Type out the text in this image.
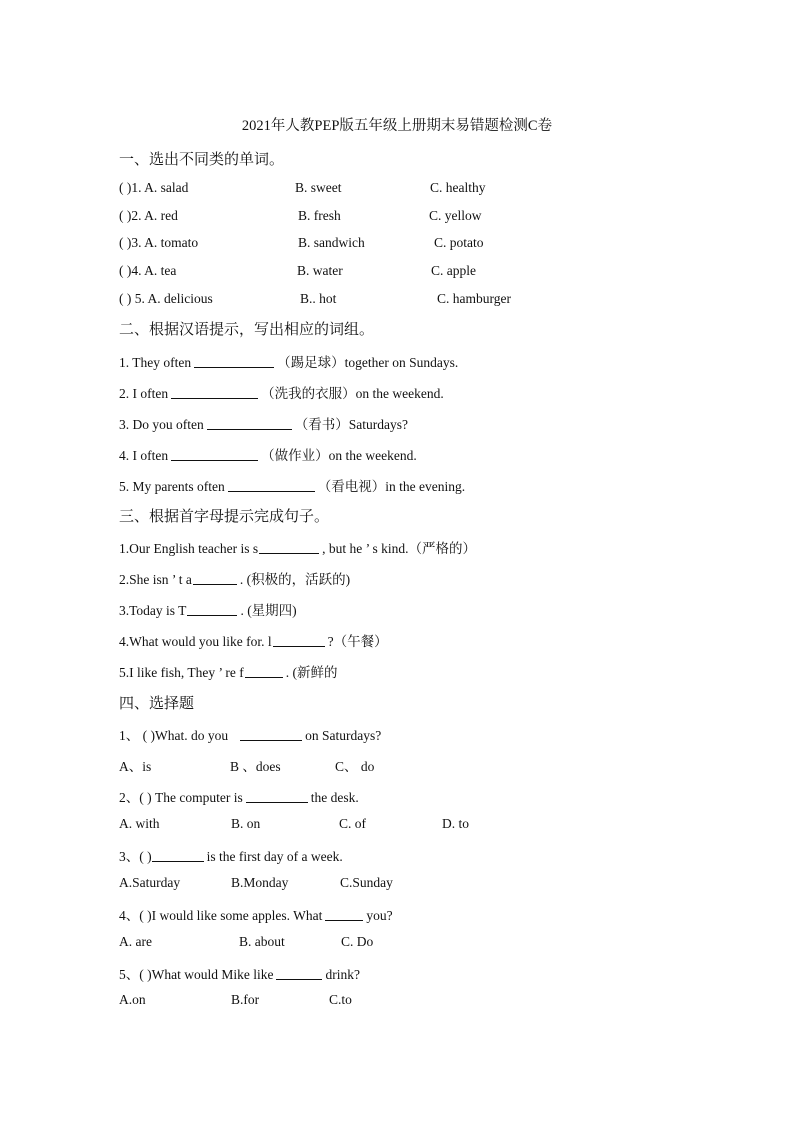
2021年人教PEP版五年级上册期末易错题检测C卷
一、选出不同类的单词。
( )1. A. salad	B. sweet	C. healthy
( )2. A. red	B. fresh	C. yellow
( )3. A. tomato	B. sandwich	C. potato
( )4. A. tea	B. water	C. apple
( ) 5. A. delicious	B.. hot	C. hamburger
二、根据汉语提示，写出相应的词组。
1. They often	（踢足球）together on Sundays.
2. I often	（洗我的衣服）on the weekend.
3. Do you often	（看书）Saturdays?
4. I often	（做作业）on the weekend.
5. My parents often	（看电视）in the evening.
三、根据首字母提示完成句子。
1.Our English teacher is s	, but he ’ s kind.（严格的）
2.She isn ’ t a	. (积极的，活跃的)
3.Today is T	. (星期四)
4.What would you like for. l	?（午餐）
5.I like fish, They ’ re f	. (新鲜的
四、选择题
1、 ( )What. do you	on Saturdays?
A、is	B 、does	C、 do
2、( ) The computer is	the desk.
A. with	B. on	C. of	D. to
3、( )	is the first day of a week.
A.Saturday	B.Monday	C.Sunday
4、( )I would like some apples. What	you?
A. are	B. about	C. Do
5、( )What would Mike like	drink?
A.on	B.for	C.to
